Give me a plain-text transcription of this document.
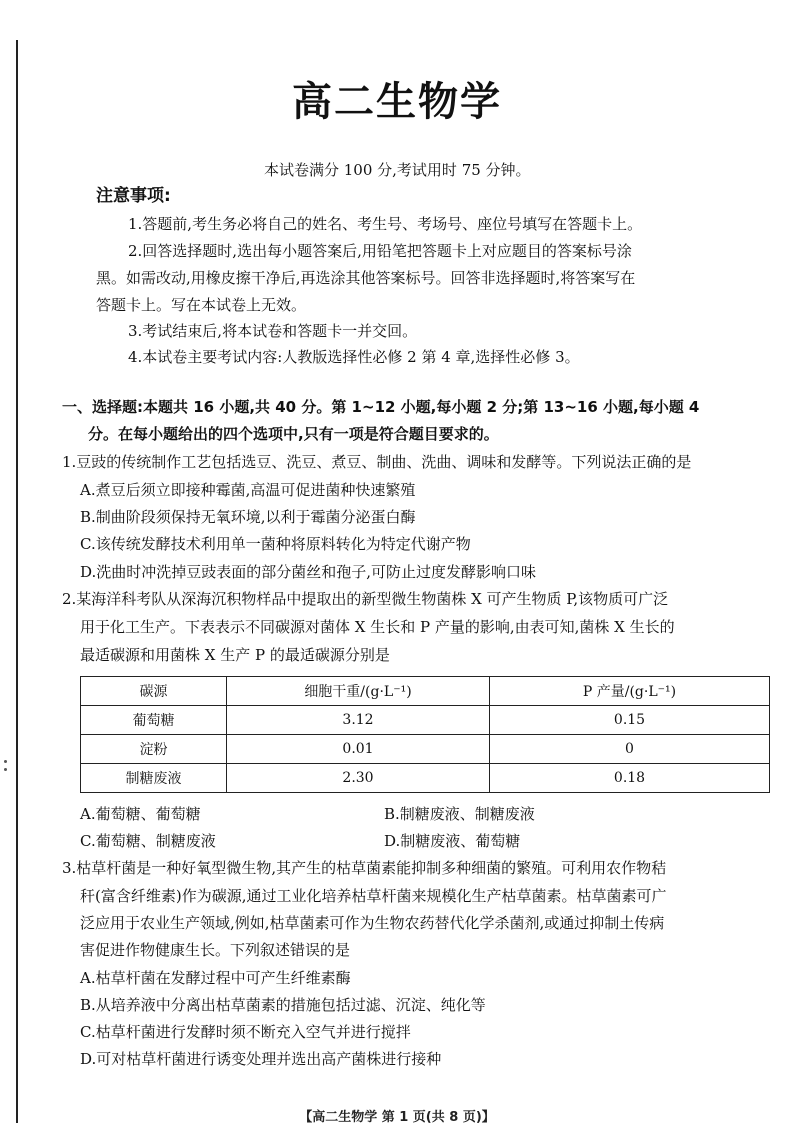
高二生物学
本试卷满分 100 分,考试用时 75 分钟。
注意事项:
1.答题前,考生务必将自己的姓名、考生号、考场号、座位号填写在答题卡上。
2.回答选择题时,选出每小题答案后,用铅笔把答题卡上对应题目的答案标号涂
黑。如需改动,用橡皮擦干净后,再选涂其他答案标号。回答非选择题时,将答案写在
答题卡上。写在本试卷上无效。
3.考试结束后,将本试卷和答题卡一并交回。
4.本试卷主要考试内容:人教版选择性必修 2 第 4 章,选择性必修 3。
一、选择题:本题共 16 小题,共 40 分。第 1~12 小题,每小题 2 分;第 13~16 小题,每小题 4
分。在每小题给出的四个选项中,只有一项是符合题目要求的。
1.豆豉的传统制作工艺包括选豆、洗豆、煮豆、制曲、洗曲、调味和发酵等。下列说法正确的是
A.煮豆后须立即接种霉菌,高温可促进菌种快速繁殖
B.制曲阶段须保持无氧环境,以利于霉菌分泌蛋白酶
C.该传统发酵技术利用单一菌种将原料转化为特定代谢产物
D.洗曲时冲洗掉豆豉表面的部分菌丝和孢子,可防止过度发酵影响口味
2.某海洋科考队从深海沉积物样品中提取出的新型微生物菌株 X 可产生物质 P,该物质可广泛
用于化工生产。下表表示不同碳源对菌体 X 生长和 P 产量的影响,由表可知,菌株 X 生长的
最适碳源和用菌株 X 生产 P 的最适碳源分别是
碳源	细胞干重/(g·L⁻¹)	P 产量/(g·L⁻¹)
葡萄糖	3.12	0.15
淀粉	0.01	0
制糖废液	2.30	0.18
A.葡萄糖、葡萄糖	B.制糖废液、制糖废液
C.葡萄糖、制糖废液	D.制糖废液、葡萄糖
3.枯草杆菌是一种好氧型微生物,其产生的枯草菌素能抑制多种细菌的繁殖。可利用农作物秸
秆(富含纤维素)作为碳源,通过工业化培养枯草杆菌来规模化生产枯草菌素。枯草菌素可广
泛应用于农业生产领域,例如,枯草菌素可作为生物农药替代化学杀菌剂,或通过抑制土传病
害促进作物健康生长。下列叙述错误的是
A.枯草杆菌在发酵过程中可产生纤维素酶
B.从培养液中分离出枯草菌素的措施包括过滤、沉淀、纯化等
C.枯草杆菌进行发酵时须不断充入空气并进行搅拌
D.可对枯草杆菌进行诱变处理并选出高产菌株进行接种
【高二生物学 第 1 页(共 8 页)】
